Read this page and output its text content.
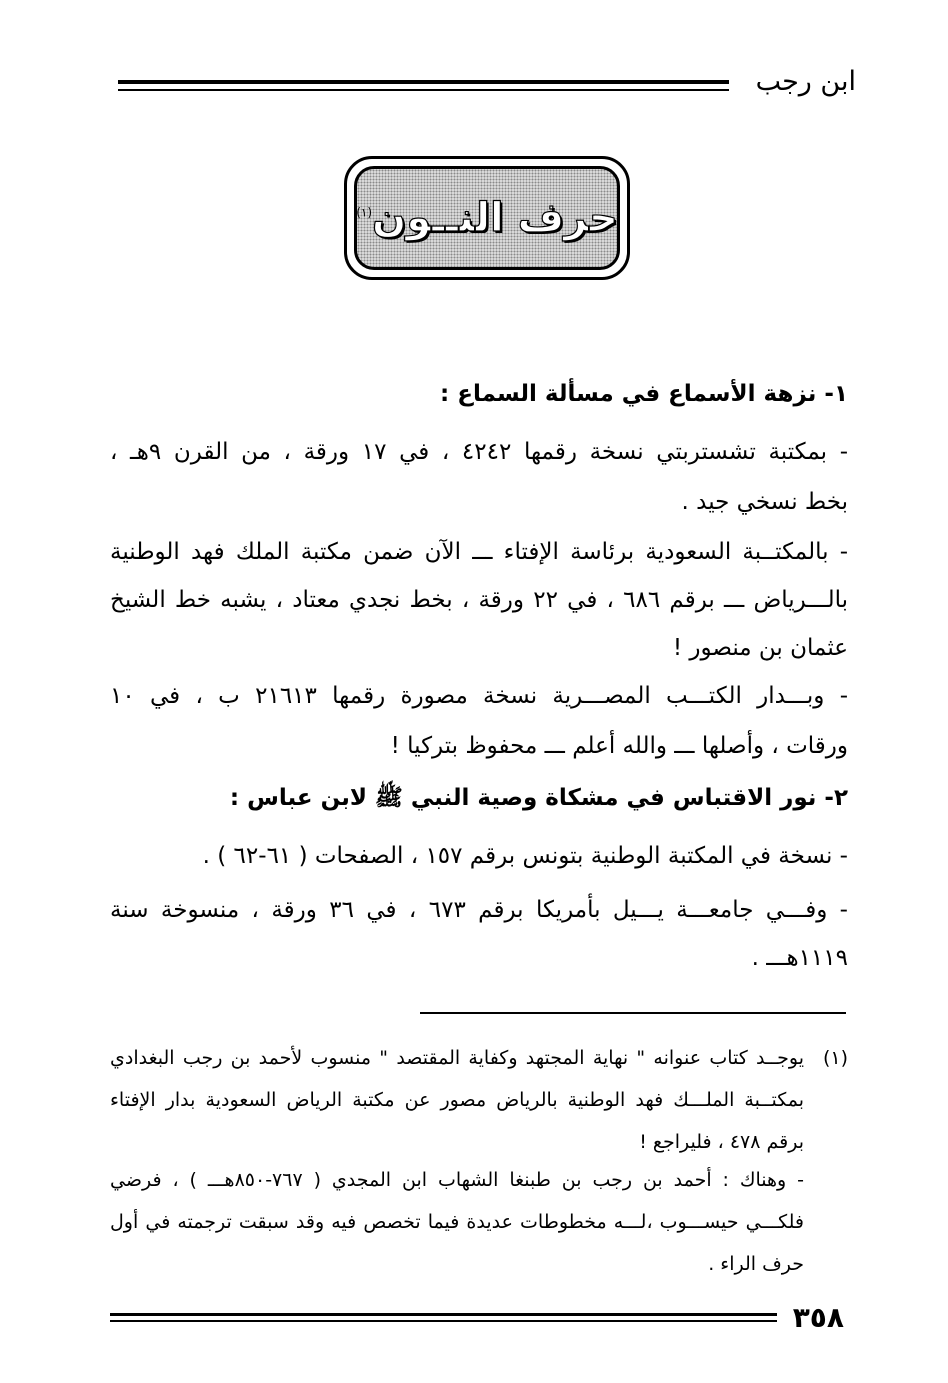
ابن رجب
حرف النــون$^{(١)}$
١- نزهة الأسماع في مسألة السماع :
- بمكتبة تشستربتي نسخة رقمها ٤٢٤٢ ، في ١٧ ورقة ، من القرن ٩هـ ،
بخط نسخي جيد .
- بالمكتــبة السعودية برئاسة الإفتاء ـــ الآن ضمن مكتبة الملك فهد الوطنية
بالـــرياض ـــ برقم ٦٨٦ ، في ٢٢ ورقة ، بخط نجدي معتاد ، يشبه خط الشيخ
عثمان بن منصور !
- وبـــدار الكتـــب المصـــرية نسخة مصورة رقمها ٢١٦١٣ ب ، في ١٠
ورقات ، وأصلها ـــ والله أعلم ـــ محفوظ بتركيا !
٢- نور الاقتباس في مشكاة وصية النبي ﷺ لابن عباس :
- نسخة في المكتبة الوطنية بتونس برقم ١٥٧ ، الصفحات ( ٦١-٦٢ ) .
- وفـــي جامعـــة يـــيل بأمريكا برقم ٦٧٣ ، في ٣٦ ورقة ، منسوخة سنة
١١١٩هـــ .
(١)
يوجــد كتاب عنوانه " نهاية المجتهد وكفاية المقتصد " منسوب لأحمد بن رجب البغدادي
بمكتــبة الملـــك فهد الوطنية بالرياض مصور عن مكتبة الرياض السعودية بدار الإفتاء
برقم ٤٧٨ ، فليراجع !
- وهناك : أحمد بن رجب بن طبنغا الشهاب ابن المجدي ( ٧٦٧-٨٥٠هـــ ) ، فرضي
فلكـــي حيســـوب ،لـــه مخطوطات عديدة فيما تخصص فيه وقد سبقت ترجمته في أول
حرف الراء .
٣٥٨
